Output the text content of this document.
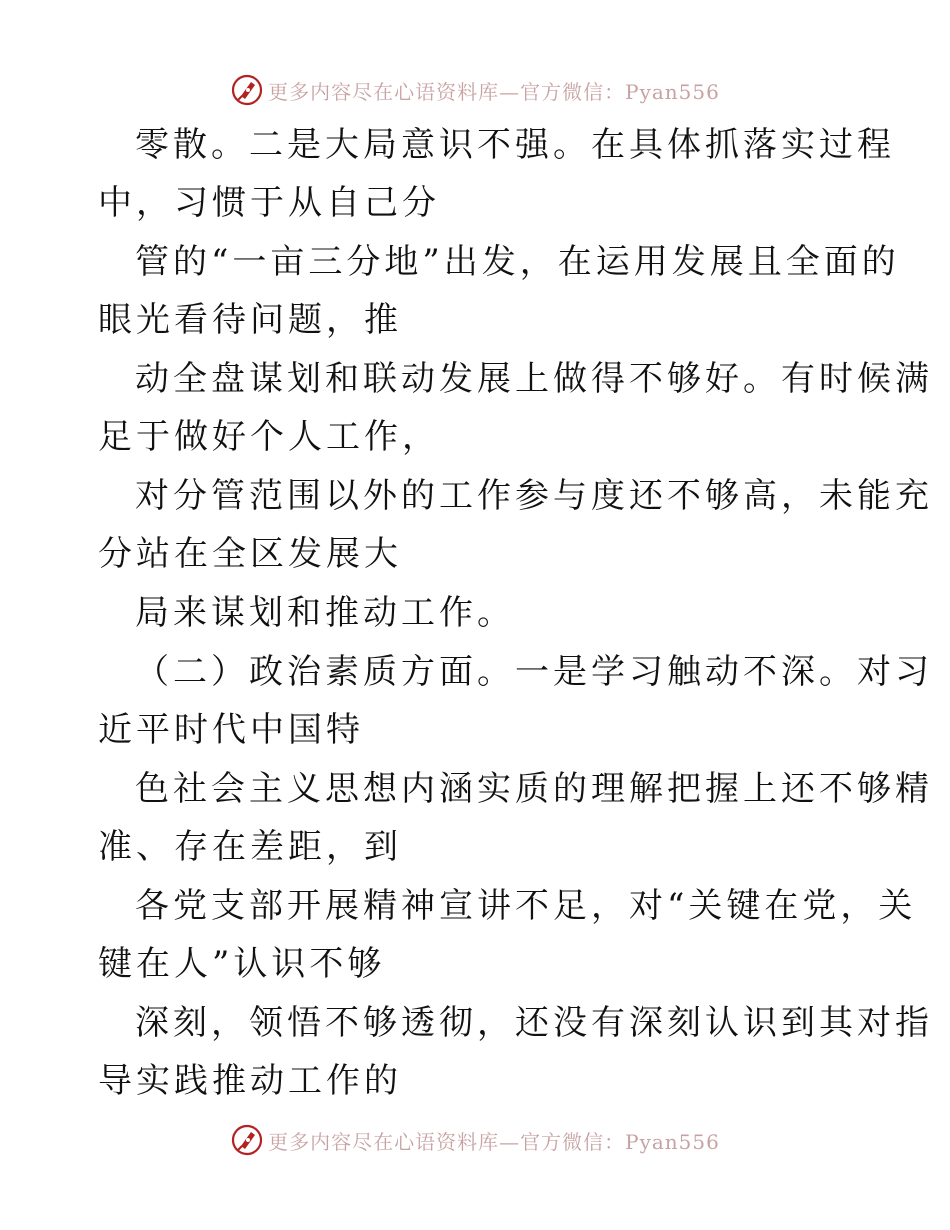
更多内容尽在心语资料库—官方微信：Pyan556
零散。二是大局意识不强。在具体抓落实过程
中，习惯于从自己分
管的“一亩三分地”出发，在运用发展且全面的
眼光看待问题，推
动全盘谋划和联动发展上做得不够好。有时候满
足于做好个人工作，
对分管范围以外的工作参与度还不够高，未能充
分站在全区发展大
局来谋划和推动工作。
（二）政治素质方面。一是学习触动不深。对习
近平时代中国特
色社会主义思想内涵实质的理解把握上还不够精
准、存在差距，到
各党支部开展精神宣讲不足，对“关键在党，关
键在人”认识不够
深刻，领悟不够透彻，还没有深刻认识到其对指
导实践推动工作的
更多内容尽在心语资料库—官方微信：Pyan556
